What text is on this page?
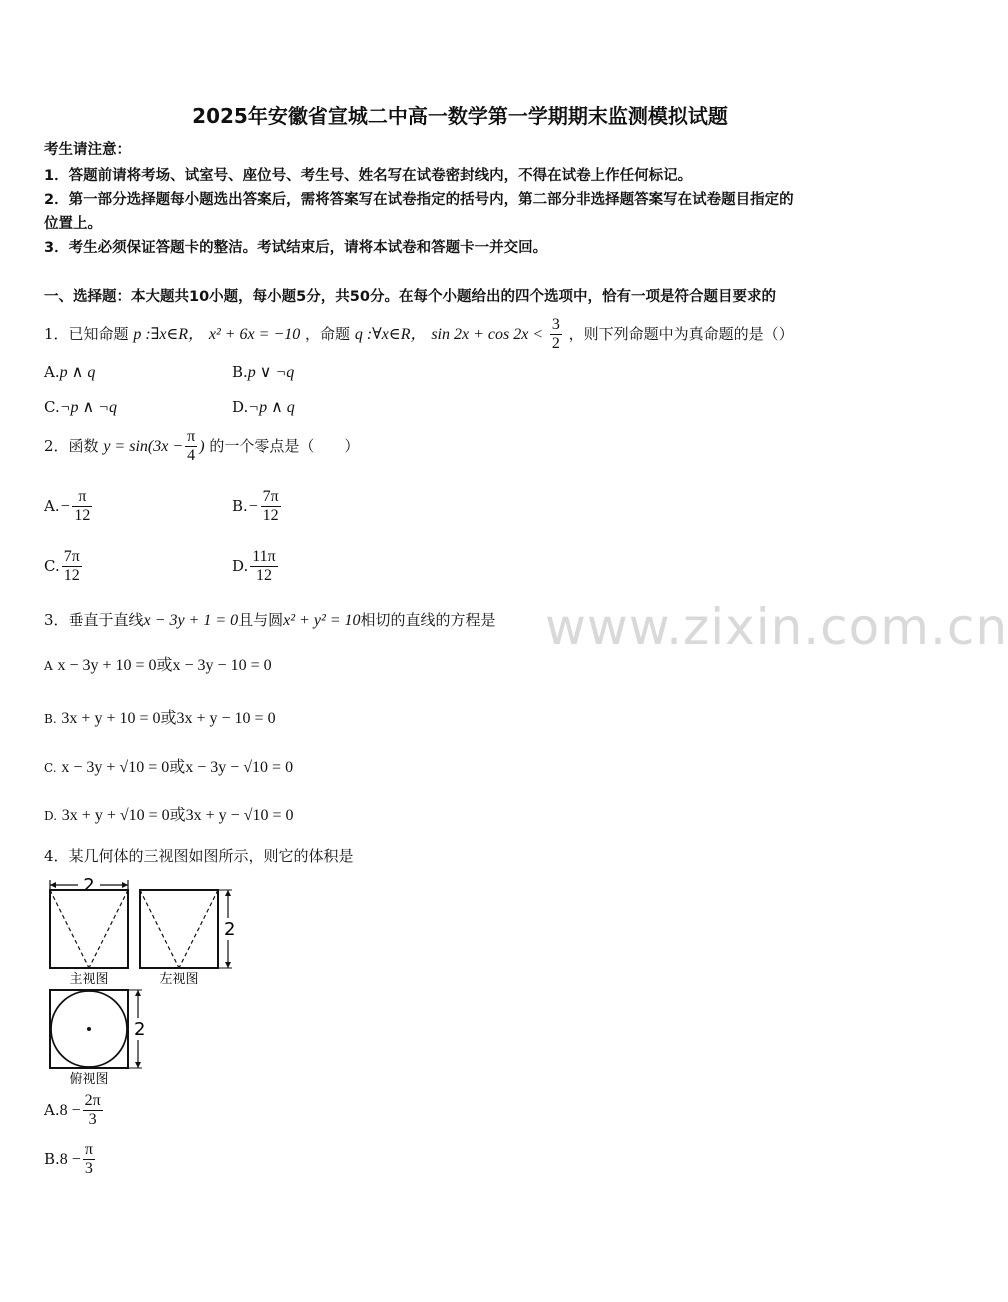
2025年安徽省宣城二中高一数学第一学期期末监测模拟试题
考生请注意：
1．答题前请将考场、试室号、座位号、考生号、姓名写在试卷密封线内，不得在试卷上作任何标记。
2．第一部分选择题每小题选出答案后，需将答案写在试卷指定的括号内，第二部分非选择题答案写在试卷题目指定的
位置上。
3．考生必须保证答题卡的整洁。考试结束后，请将本试卷和答题卡一并交回。
一、选择题：本大题共10小题，每小题5分，共50分。在每个小题给出的四个选项中，恰有一项是符合题目要求的
1．已知命题 p :∃x∈R， x² + 6x = −10 ，命题 q :∀x∈R， $\sin 2x + \cos 2x < \frac{3}{2}$ ，则下列命题中为真命题的是（）
A.p ∧ q	B.p ∨ ¬q
C.¬p ∧ ¬q	D.¬p ∧ q
2．函数 $y = \sin(3x - \frac{\pi}{4}$ ) 的一个零点是（　　）
$A.- \frac{\pi}{12}$	$B.- \frac{7\pi}{12}$
C. $\frac{7\pi}{12}$	D. $\frac{11\pi}{12}$
www.zixin.com.cn
3．垂直于直线x − 3y + 1 = 0且与圆x² + y² = 10相切的直线的方程是
A x − 3y + 10 = 0或x − 3y − 10 = 0
B. 3x + y + 10 = 0或3x + y − 10 = 0
C. x − 3y + √10 = 0或x − 3y − √10 = 0
D. 3x + y + √10 = 0或3x + y − √10 = 0
4．某几何体的三视图如图所示，则它的体积是
2
主视图
2
左视图
2
俯视图
$A.8 - \frac{2\pi}{3}$
$B.8 - \frac{\pi}{3}$
